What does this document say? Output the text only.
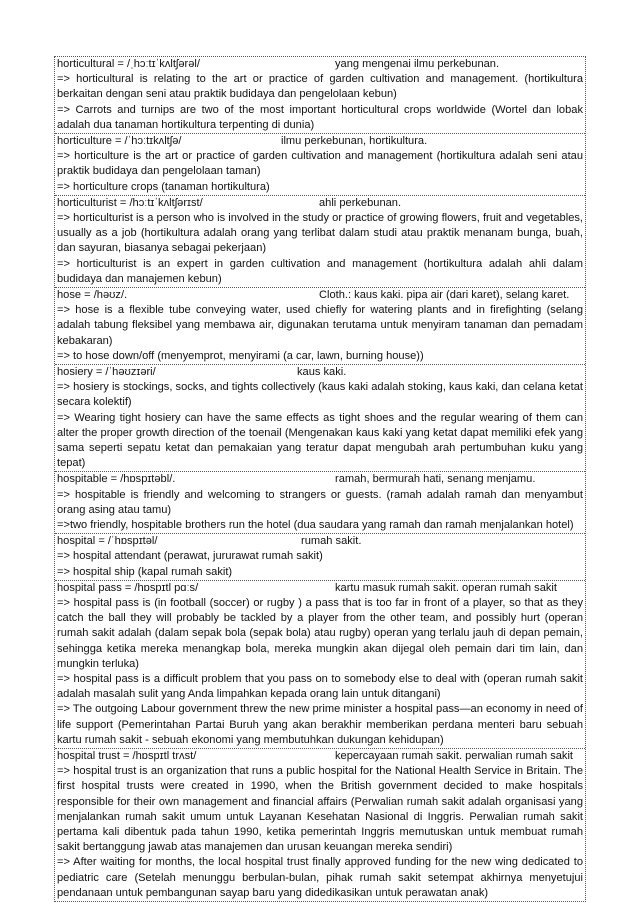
horticultural = /ˌhɔːtɪˈkʌltʃərəl/	yang mengenai ilmu perkebunan.
=> horticultural is relating to the art or practice of garden cultivation and management. (hortikultura berkaitan dengan seni atau praktik budidaya dan pengelolaan kebun)
=> Carrots and turnips are two of the most important horticultural crops worldwide (Wortel dan lobak adalah dua tanaman hortikultura terpenting di dunia)
horticulture = /ˈhɔːtɪkʌltʃə/	ilmu perkebunan, hortikultura.
=> horticulture is the art or practice of garden cultivation and management (hortikultura adalah seni atau praktik budidaya dan pengelolaan taman)
=> horticulture crops (tanaman hortikultura)
horticulturist = /hɔːtɪˈkʌltʃərɪst/	ahli perkebunan.
=> horticulturist is a person who is involved in the study or practice of growing flowers, fruit and vegetables, usually as a job (hortikultura adalah orang yang terlibat dalam studi atau praktik menanam bunga, buah, dan sayuran, biasanya sebagai pekerjaan)
=> horticulturist is an expert in garden cultivation and management (hortikultura adalah ahli dalam budidaya dan manajemen kebun)
hose = /həʊz/.	Cloth.: kaus kaki. pipa air (dari karet), selang karet.
=> hose is a flexible tube conveying water, used chiefly for watering plants and in firefighting (selang adalah tabung fleksibel yang membawa air, digunakan terutama untuk menyiram tanaman dan pemadam kebakaran)
=> to hose down/off (menyemprot, menyirami (a car, lawn, burning house))
hosiery = /ˈhəʊzɪəri/	kaus kaki.
=> hosiery is stockings, socks, and tights collectively (kaus kaki adalah stoking, kaus kaki, dan celana ketat secara kolektif)
=> Wearing tight hosiery can have the same effects as tight shoes and the regular wearing of them can alter the proper growth direction of the toenail (Mengenakan kaus kaki yang ketat dapat memiliki efek yang sama seperti sepatu ketat dan pemakaian yang teratur dapat mengubah arah pertumbuhan kuku yang tepat)
hospitable = /hɒspɪtəbl/.	ramah, bermurah hati, senang menjamu.
=> hospitable is friendly and welcoming to strangers or guests. (ramah adalah ramah dan menyambut orang asing atau tamu)
=>two friendly, hospitable brothers run the hotel (dua saudara yang ramah dan ramah menjalankan hotel)
hospital = /ˈhɒspɪtəl/	rumah sakit.
=> hospital attendant (perawat, jururawat rumah sakit)
=> hospital ship (kapal rumah sakit)
hospital pass = /hɒspɪtl pɑːs/	kartu masuk rumah sakit. operan rumah sakit
=> hospital pass is (in football (soccer) or rugby ) a pass that is too far in front of a player, so that as they catch the ball they will probably be tackled by a player from the other team, and possibly hurt (operan rumah sakit adalah (dalam sepak bola (sepak bola) atau rugby) operan yang terlalu jauh di depan pemain, sehingga ketika mereka menangkap bola, mereka mungkin akan dijegal oleh pemain dari tim lain, dan mungkin terluka)
=> hospital pass is a difficult problem that you pass on to somebody else to deal with (operan rumah sakit adalah masalah sulit yang Anda limpahkan kepada orang lain untuk ditangani)
=> The outgoing Labour government threw the new prime minister a hospital pass—an economy in need of life support (Pemerintahan Partai Buruh yang akan berakhir memberikan perdana menteri baru sebuah kartu rumah sakit - sebuah ekonomi yang membutuhkan dukungan kehidupan)
hospital trust = /hɒspɪtl trʌst/	kepercayaan rumah sakit. perwalian rumah sakit
=> hospital trust is an organization that runs a public hospital for the National Health Service in Britain. The first hospital trusts were created in 1990, when the British government decided to make hospitals responsible for their own management and financial affairs (Perwalian rumah sakit adalah organisasi yang menjalankan rumah sakit umum untuk Layanan Kesehatan Nasional di Inggris. Perwalian rumah sakit pertama kali dibentuk pada tahun 1990, ketika pemerintah Inggris memutuskan untuk membuat rumah sakit bertanggung jawab atas manajemen dan urusan keuangan mereka sendiri)
=> After waiting for months, the local hospital trust finally approved funding for the new wing dedicated to pediatric care (Setelah menunggu berbulan-bulan, pihak rumah sakit setempat akhirnya menyetujui pendanaan untuk pembangunan sayap baru yang didedikasikan untuk perawatan anak)
